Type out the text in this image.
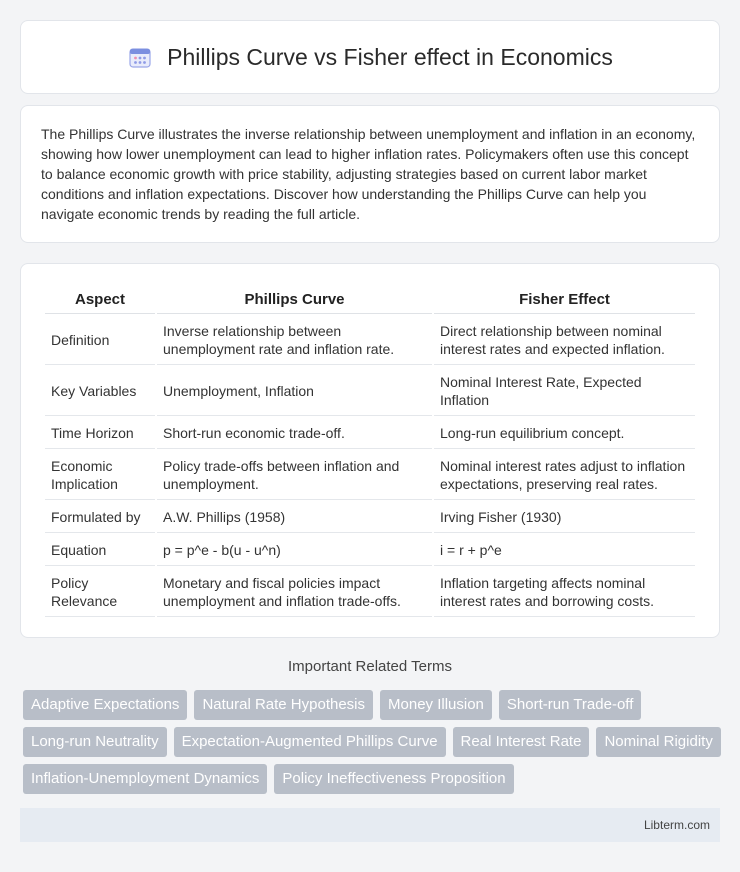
Phillips Curve vs Fisher effect in Economics

The Phillips Curve illustrates the inverse relationship between unemployment and inflation in an economy, showing how lower unemployment can lead to higher inflation rates. Policymakers often use this concept to balance economic growth with price stability, adjusting strategies based on current labor market conditions and inflation expectations. Discover how understanding the Phillips Curve can help you navigate economic trends by reading the full article.

Aspect	Phillips Curve	Fisher Effect
Definition	Inverse relationship between unemployment rate and inflation rate.	Direct relationship between nominal interest rates and expected inflation.
Key Variables	Unemployment, Inflation	Nominal Interest Rate, Expected Inflation
Time Horizon	Short-run economic trade-off.	Long-run equilibrium concept.
Economic Implication	Policy trade-offs between inflation and unemployment.	Nominal interest rates adjust to inflation expectations, preserving real rates.
Formulated by	A.W. Phillips (1958)	Irving Fisher (1930)
Equation	p = p^e - b(u - u^n)	i = r + p^e
Policy Relevance	Monetary and fiscal policies impact unemployment and inflation trade-offs.	Inflation targeting affects nominal interest rates and borrowing costs.
Important Related Terms
Adaptive Expectations	Natural Rate Hypothesis	Money Illusion	Short-run Trade-off
Long-run Neutrality	Expectation-Augmented Phillips Curve	Real Interest Rate	Nominal Rigidity
Inflation-Unemployment Dynamics	Policy Ineffectiveness Proposition
Libterm.com
